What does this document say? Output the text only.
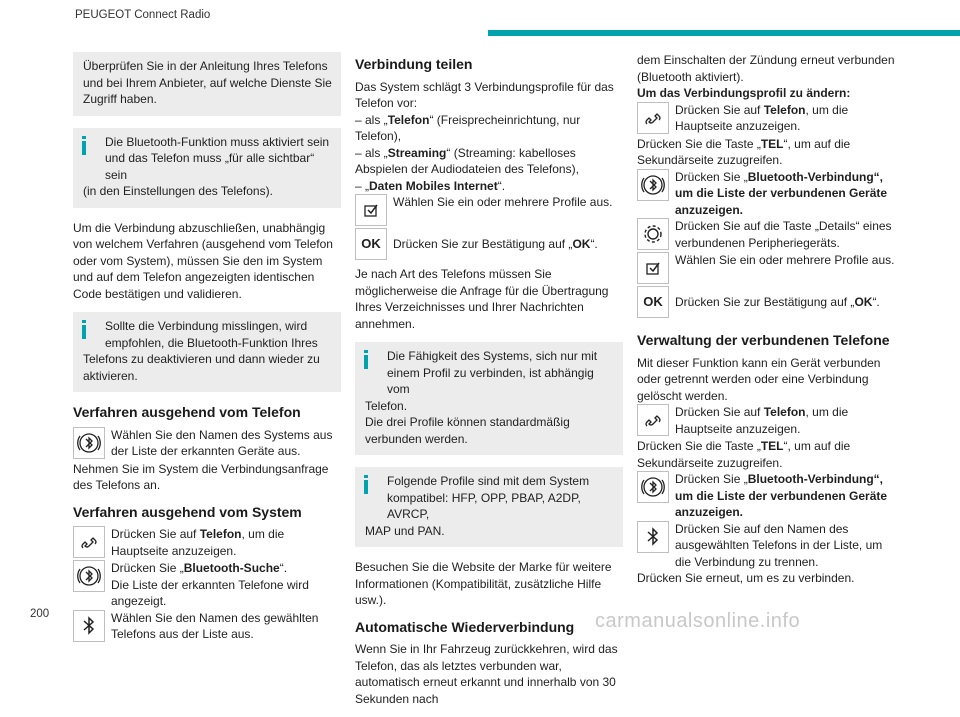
PEUGEOT Connect Radio
Überprüfen Sie in der Anleitung Ihres Telefons und bei Ihrem Anbieter, auf welche Dienste Sie Zugriff haben.
Die Bluetooth-Funktion muss aktiviert sein und das Telefon muss „für alle sichtbar“ sein
(in den Einstellungen des Telefons).

Um die Verbindung abzuschließen, unabhängig von welchem Verfahren (ausgehend vom Telefon oder vom System), müssen Sie den im System und auf dem Telefon angezeigten identischen Code bestätigen und validieren.

Sollte die Verbindung misslingen, wird empfohlen, die Bluetooth-Funktion Ihres
Telefons zu deaktivieren und dann wieder zu aktivieren.
Verfahren ausgehend vom Telefon
Wählen Sie den Namen des Systems aus der Liste der erkannten Geräte aus.

Nehmen Sie im System die Verbindungsanfrage des Telefons an.

Verfahren ausgehend vom System
Drücken Sie auf Telefon, um die Hauptseite anzuzeigen.
Drücken Sie „Bluetooth-Suche“.
Die Liste der erkannten Telefone wird angezeigt.
Wählen Sie den Namen des gewählten Telefons aus der Liste aus.
Verbindung teilen

Das System schlägt 3 Verbindungsprofile für das Telefon vor:

– als „Telefon“ (Freisprecheinrichtung, nur Telefon),
– als „Streaming“ (Streaming: kabelloses Abspielen der Audiodateien des Telefons),
– „Daten Mobiles Internet“.
Wählen Sie ein oder mehrere Profile aus.
OK	Drücken Sie zur Bestätigung auf „OK“.

Je nach Art des Telefons müssen Sie möglicherweise die Anfrage für die Übertragung Ihres Verzeichnisses und Ihrer Nachrichten annehmen.

Die Fähigkeit des Systems, sich nur mit einem Profil zu verbinden, ist abhängig vom
Telefon.
Die drei Profile können standardmäßig verbunden werden.
Folgende Profile sind mit dem System kompatibel: HFP, OPP, PBAP, A2DP, AVRCP,
MAP und PAN.

Besuchen Sie die Website der Marke für weitere Informationen (Kompatibilität, zusätzliche Hilfe usw.).

Automatische Wiederverbindung

Wenn Sie in Ihr Fahrzeug zurückkehren, wird das Telefon, das als letztes verbunden war, automatisch erneut erkannt und innerhalb von 30 Sekunden nach

dem Einschalten der Zündung erneut verbunden (Bluetooth aktiviert).
Um das Verbindungsprofil zu ändern:
Drücken Sie auf Telefon, um die Hauptseite anzuzeigen.
Drücken Sie die Taste „TEL“, um auf die Sekundärseite zuzugreifen.
Drücken Sie „Bluetooth-Verbindung“, um die Liste der verbundenen Geräte anzuzeigen.
Drücken Sie auf die Taste „Details“ eines verbundenen Peripheriegeräts.
Wählen Sie ein oder mehrere Profile aus.
OK	Drücken Sie zur Bestätigung auf „OK“.
Verwaltung der verbundenen Telefone
Mit dieser Funktion kann ein Gerät verbunden oder getrennt werden oder eine Verbindung gelöscht werden.
Drücken Sie auf Telefon, um die Hauptseite anzuzeigen.
Drücken Sie die Taste „TEL“, um auf die Sekundärseite zuzugreifen.
Drücken Sie „Bluetooth-Verbindung“, um die Liste der verbundenen Geräte anzuzeigen.
Drücken Sie auf den Namen des ausgewählten Telefons in der Liste, um die Verbindung zu trennen.
Drücken Sie erneut, um es zu verbinden.
200	carmanualsonline.info
